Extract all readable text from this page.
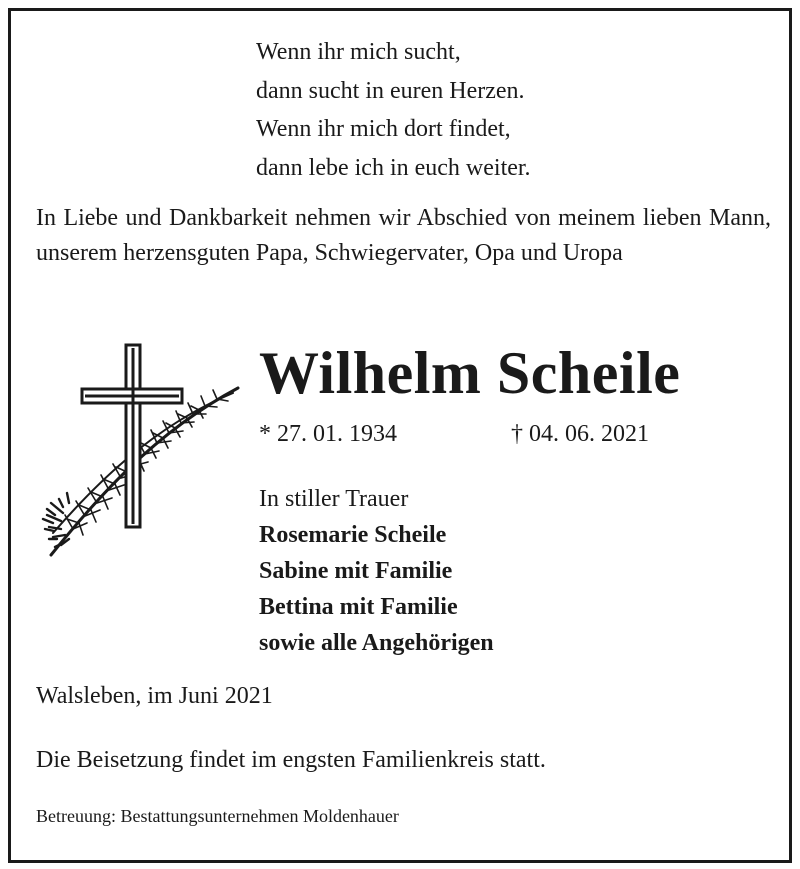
Wenn ihr mich sucht,
dann sucht in euren Herzen.
Wenn ihr mich dort findet,
dann lebe ich in euch weiter.
In Liebe und Dankbarkeit nehmen wir Abschied von meinem lieben Mann, unserem herzensguten Papa, Schwiegervater, Opa und Uropa
Wilhelm Scheile
* 27. 01. 1934	† 04. 06. 2021
In stiller Trauer
Rosemarie Scheile
Sabine mit Familie
Bettina mit Familie
sowie alle Angehörigen
Walsleben, im Juni 2021
Die Beisetzung findet im engsten Familienkreis statt.
Betreuung: Bestattungsunternehmen Moldenhauer
